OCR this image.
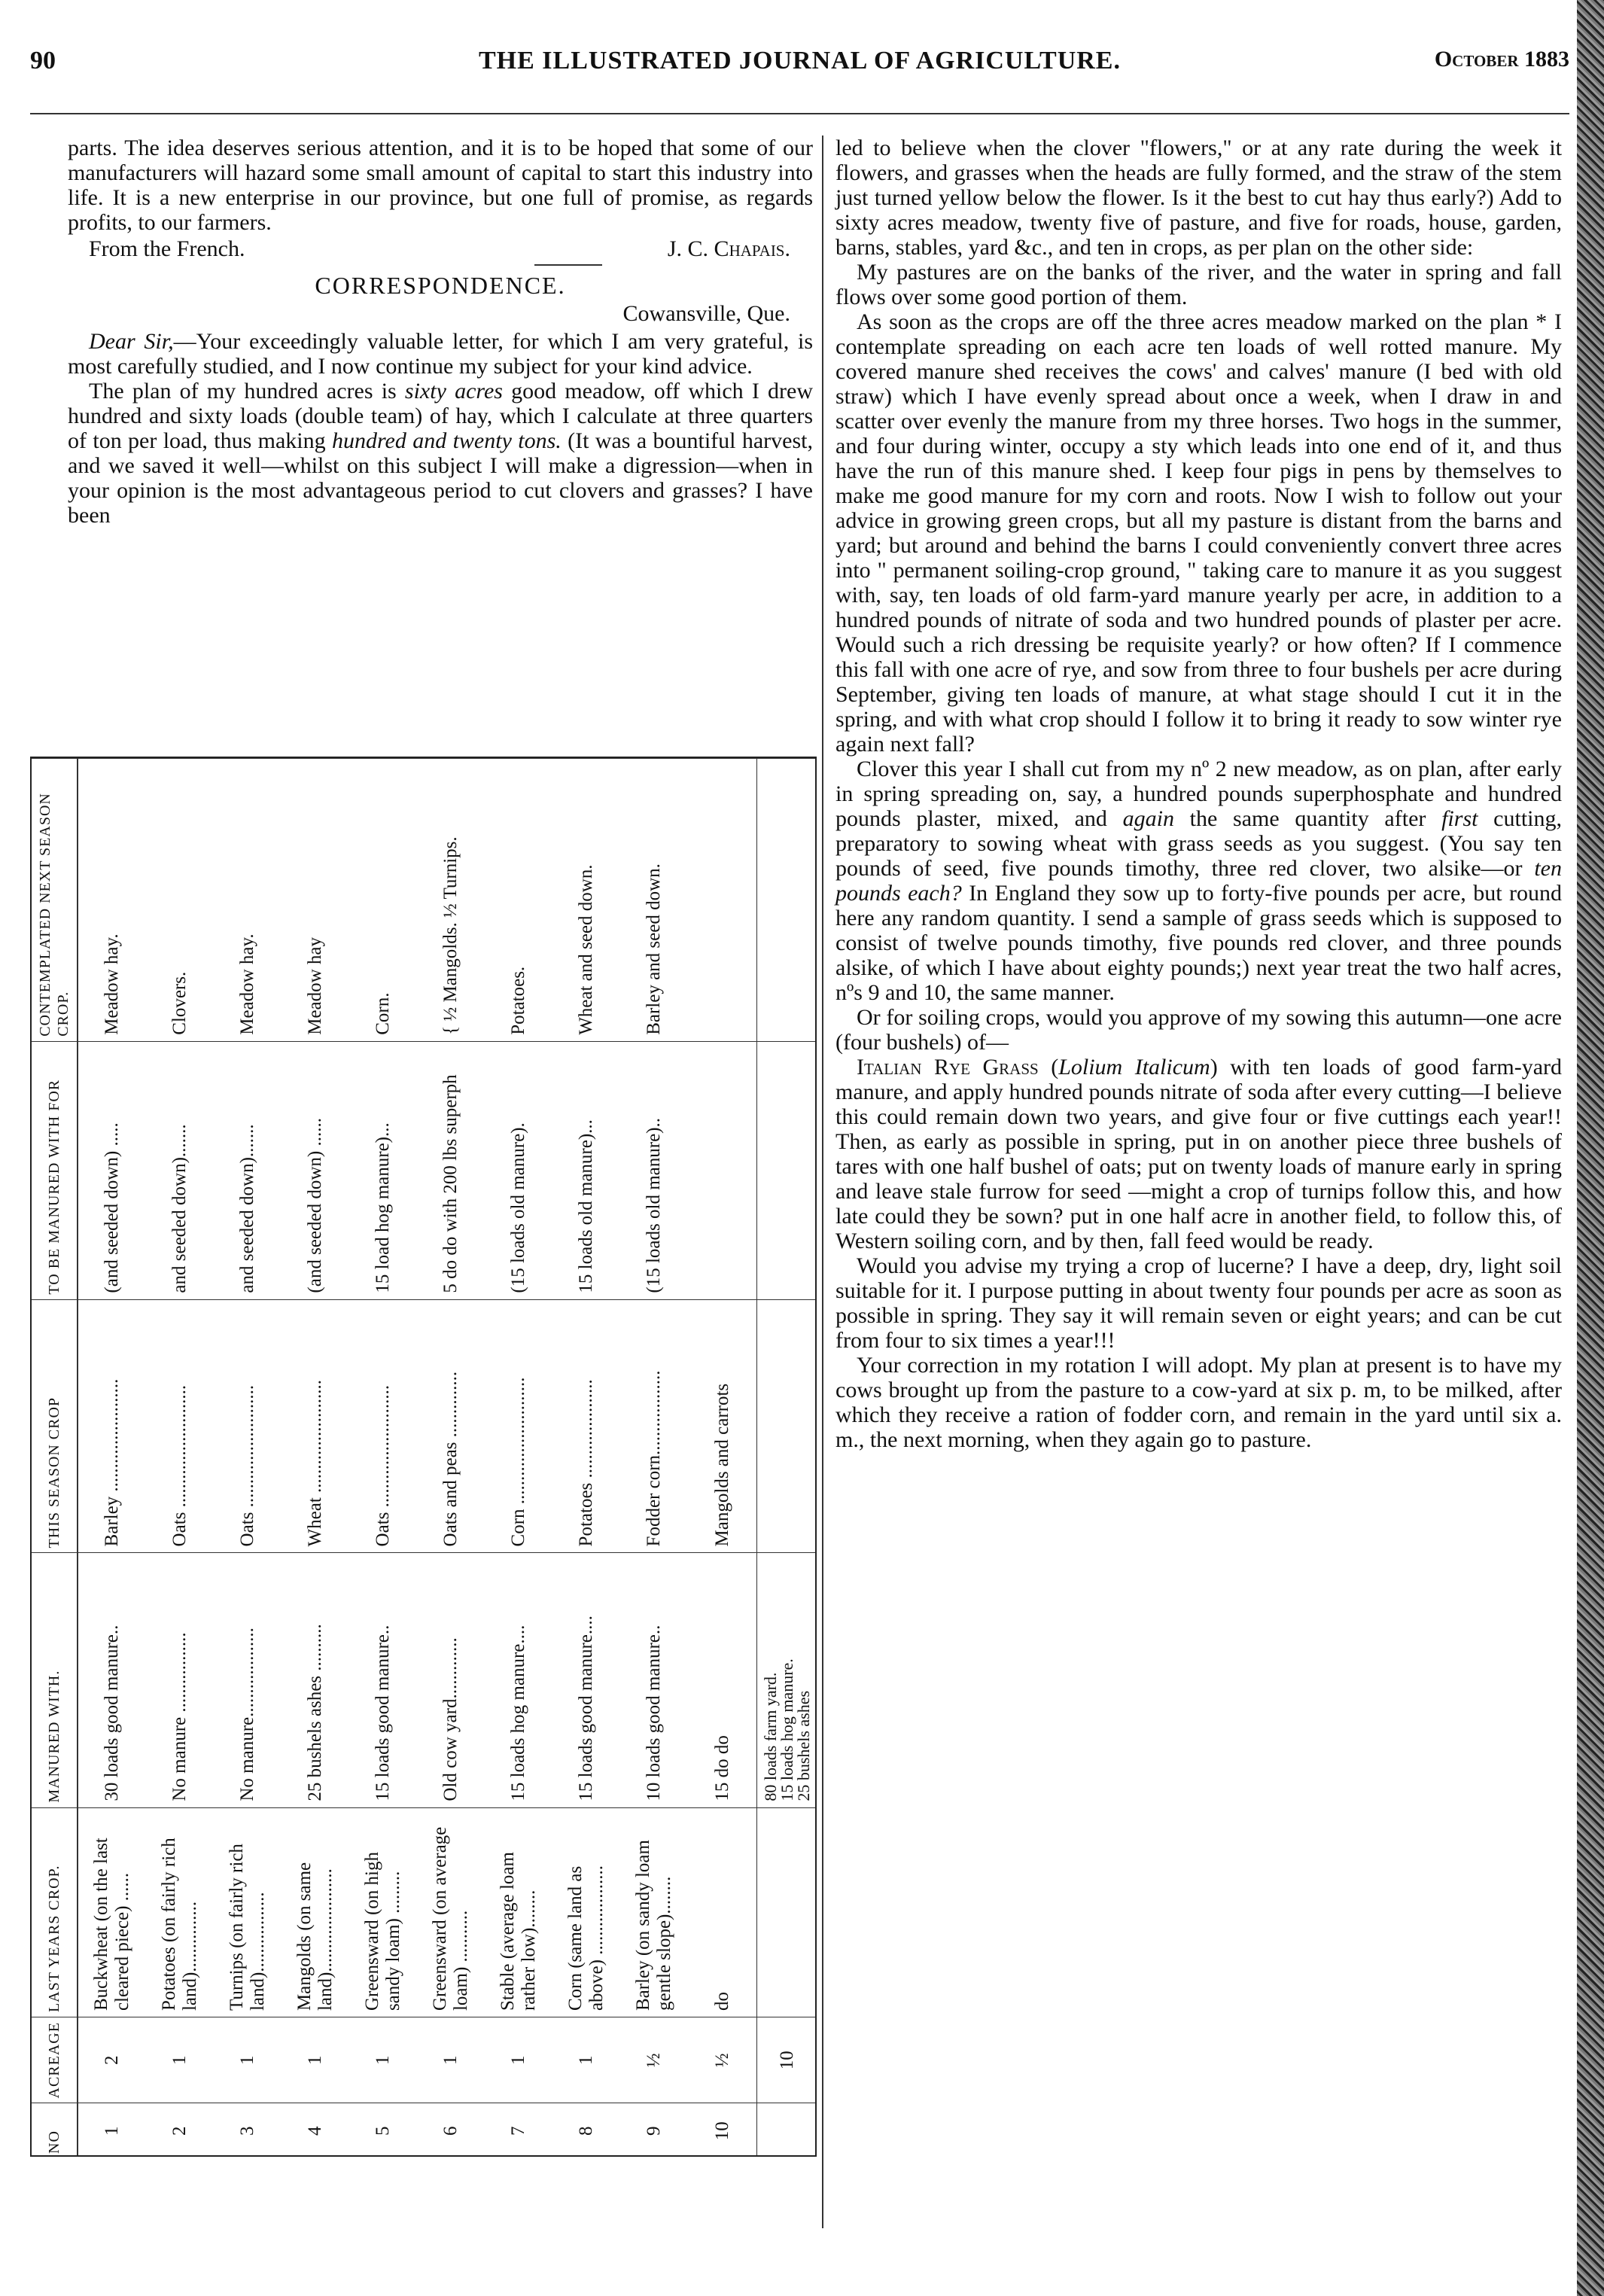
90	THE ILLUSTRATED JOURNAL OF AGRICULTURE.	October 1883

parts. The idea deserves serious attention, and it is to be hoped that some of our manufacturers will hazard some small amount of capital to start this industry into life. It is a new enterprise in our province, but one full of promise, as regards profits, to our farmers.

From the French.	J. C. Chapais.
CORRESPONDENCE.
Cowansville, Que.

Dear Sir,—Your exceedingly valuable letter, for which I am very grateful, is most carefully studied, and I now continue my subject for your kind advice.

The plan of my hundred acres is sixty acres good meadow, off which I drew hundred and sixty loads (double team) of hay, which I calculate at three quarters of ton per load, thus making hundred and twenty tons. (It was a bountiful harvest, and we saved it well—whilst on this subject I will make a digression—when in your opinion is the most advantageous period to cut clovers and grasses? I have been

NO	ACREAGE	LAST YEARS CROP.	MANURED WITH.	THIS SEASON CROP	TO BE MANURED WITH FOR	CONTEMPLATED NEXT SEASON CROP.
1	2	Buckwheat (on the last cleared piece) ......	30 loads good manure..	Barley ........................	(and seeded down) .....	Meadow hay.
2	1	Potatoes (on fairly rich land)...............	No manure .................	Oats ..........................	and seeded down).......	Clovers.
3	1	Turnips (on fairly rich land).................	No manure...................	Oats ..........................	and seeded down).......	Meadow hay.
4	1	Mangolds (on same land)......................	25 bushels ashes ..........	Wheat ........................	(and seeded down) ......	Meadow hay
5	1	Greensward (on high sandy loam) .........	15 loads good manure..	Oats ..........................	15 load hog manure)...	Corn.
6	1	Greensward (on average loam) ...........	Old cow yard.............	Oats and peas ..............	5 do do with 200 lbs superph	{ ½ Mangolds. ½ Turnips.
7	1	Stable (average loam rather low)........	15 loads hog manure....	Corn ...........................	(15 loads old manure).	Potatoes.
8	1	Corn (same land as above) ...................	15 loads good manure....	Potatoes .....................	15 loads old manure)...	Wheat and seed down.
9	½	Barley (on sandy loam gentle slope)........	10 loads good manure..	Fodder corn..................	(15 loads old manure)..	Barley and seed down.
10	½	do	15 do do	Mangolds and carrots		
	10		80 loads farm yard.
15 loads hog manure.
25 bushels ashes			

led to believe when the clover "flowers," or at any rate during the week it flowers, and grasses when the heads are fully formed, and the straw of the stem just turned yellow below the flower. Is it the best to cut hay thus early?) Add to sixty acres meadow, twenty five of pasture, and five for roads, house, garden, barns, stables, yard &c., and ten in crops, as per plan on the other side:

My pastures are on the banks of the river, and the water in spring and fall flows over some good portion of them.

As soon as the crops are off the three acres meadow marked on the plan * I contemplate spreading on each acre ten loads of well rotted manure. My covered manure shed receives the cows' and calves' manure (I bed with old straw) which I have evenly spread about once a week, when I draw in and scatter over evenly the manure from my three horses. Two hogs in the summer, and four during winter, occupy a sty which leads into one end of it, and thus have the run of this manure shed. I keep four pigs in pens by themselves to make me good manure for my corn and roots. Now I wish to follow out your advice in growing green crops, but all my pasture is distant from the barns and yard; but around and behind the barns I could conveniently convert three acres into " permanent soiling-crop ground, " taking care to manure it as you suggest with, say, ten loads of old farm-yard manure yearly per acre, in addition to a hundred pounds of nitrate of soda and two hundred pounds of plaster per acre. Would such a rich dressing be requisite yearly? or how often? If I commence this fall with one acre of rye, and sow from three to four bushels per acre during September, giving ten loads of manure, at what stage should I cut it in the spring, and with what crop should I follow it to bring it ready to sow winter rye again next fall?

Clover this year I shall cut from my nº 2 new meadow, as on plan, after early in spring spreading on, say, a hundred pounds superphosphate and hundred pounds plaster, mixed, and again the same quantity after first cutting, preparatory to sowing wheat with grass seeds as you suggest. (You say ten pounds of seed, five pounds timothy, three red clover, two alsike—or ten pounds each? In England they sow up to forty-five pounds per acre, but round here any random quantity. I send a sample of grass seeds which is supposed to consist of twelve pounds timothy, five pounds red clover, and three pounds alsike, of which I have about eighty pounds;) next year treat the two half acres, nºs 9 and 10, the same manner.

Or for soiling crops, would you approve of my sowing this autumn—one acre (four bushels) of—

Italian Rye Grass (Lolium Italicum) with ten loads of good farm-yard manure, and apply hundred pounds nitrate of soda after every cutting—I believe this could remain down two years, and give four or five cuttings each year!! Then, as early as possible in spring, put in on another piece three bushels of tares with one half bushel of oats; put on twenty loads of manure early in spring and leave stale furrow for seed —might a crop of turnips follow this, and how late could they be sown? put in one half acre in another field, to follow this, of Western soiling corn, and by then, fall feed would be ready.

Would you advise my trying a crop of lucerne? I have a deep, dry, light soil suitable for it. I purpose putting in about twenty four pounds per acre as soon as possible in spring. They say it will remain seven or eight years; and can be cut from four to six times a year!!!

Your correction in my rotation I will adopt. My plan at present is to have my cows brought up from the pasture to a cow-yard at six p. m, to be milked, after which they receive a ration of fodder corn, and remain in the yard until six a. m., the next morning, when they again go to pasture.
